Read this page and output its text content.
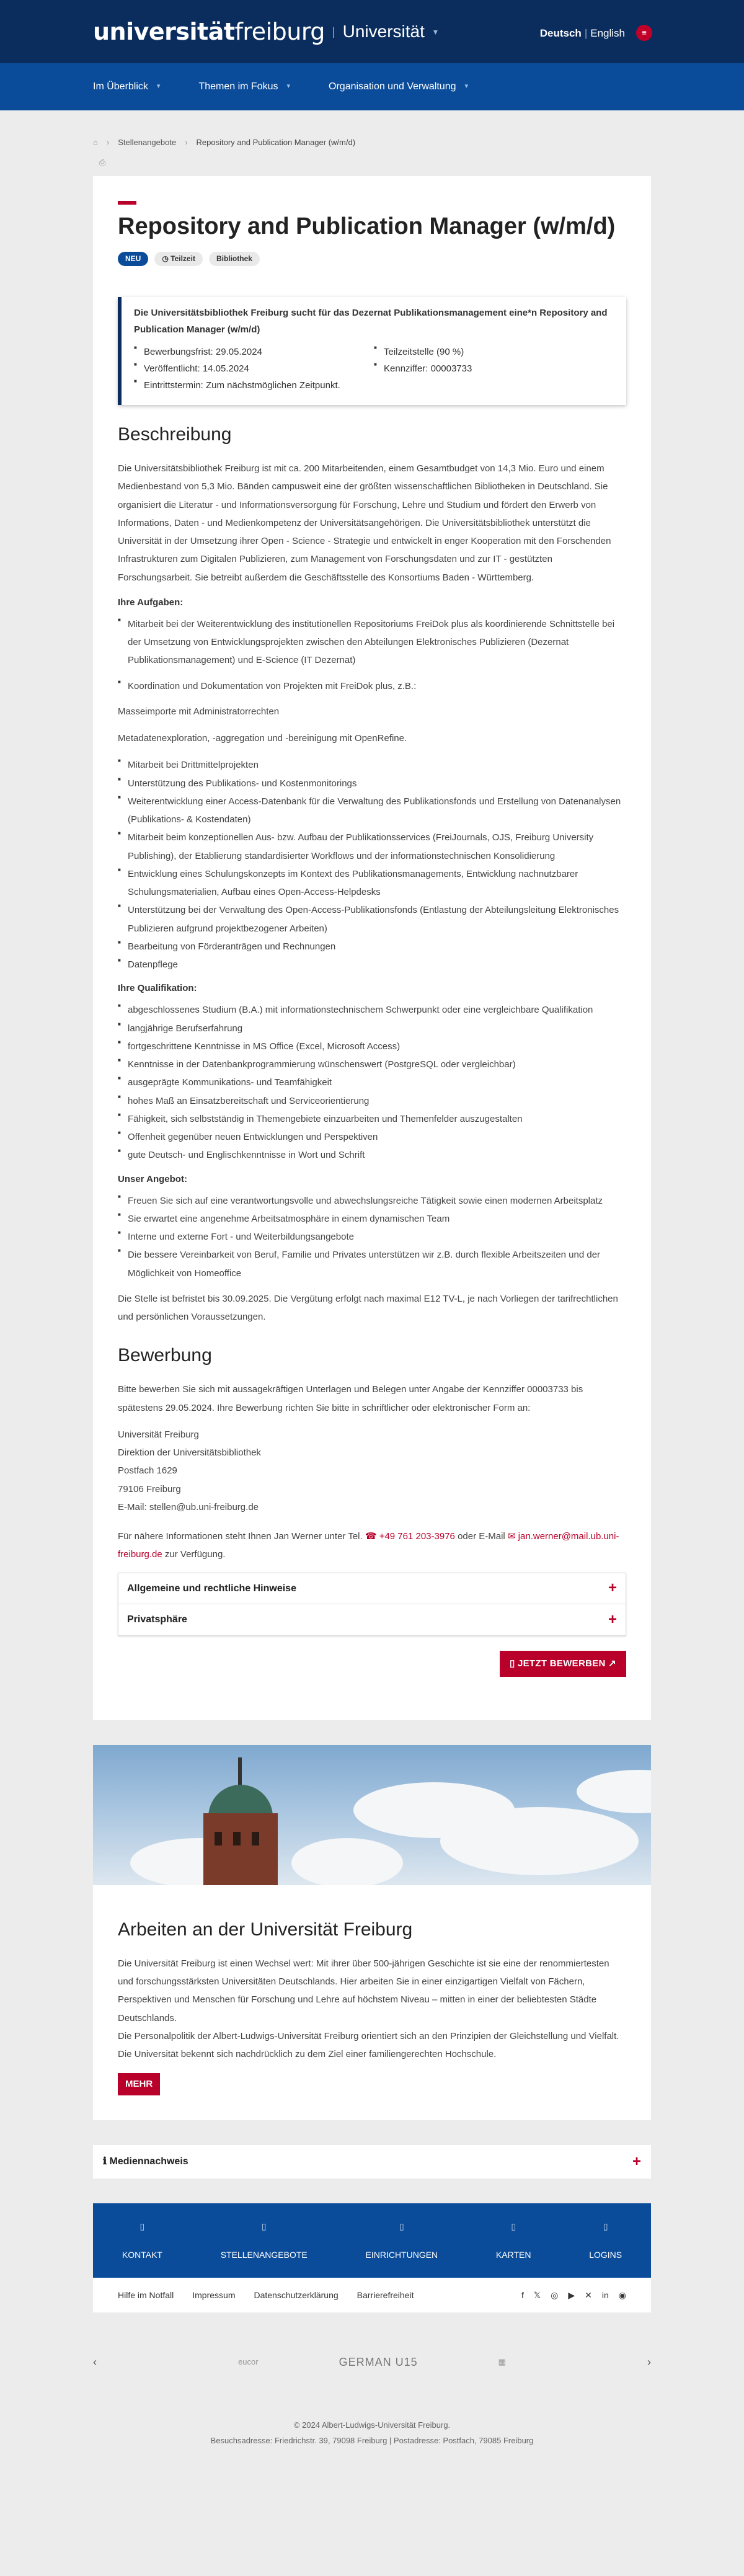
universitätfreiburg | Universität ▾	Deutsch | English	≡
Im Überblick ▾	Themen im Fokus ▾	Organisation und Verwaltung ▾
⌂ › Stellenangebote › Repository and Publication Manager (w/m/d)
⎙
Repository and Publication Manager (w/m/d)
NEU	◷ Teilzeit	Bibliothek
Die Universitätsbibliothek Freiburg sucht für das Dezernat Publikationsmanagement eine*n Repository and Publication Manager (w/m/d)
■ Bewerbungsfrist: 29.05.2024
■ Veröffentlicht: 14.05.2024
■ Eintrittstermin: Zum nächstmöglichen Zeitpunkt.
■ Teilzeitstelle (90 %)
■ Kennziffer: 00003733
Beschreibung

Die Universitätsbibliothek Freiburg ist mit ca. 200 Mitarbeitenden, einem Gesamtbudget von 14,3 Mio. Euro und einem Medienbestand von 5,3 Mio. Bänden campusweit eine der größten wissenschaftlichen Bibliotheken in Deutschland. Sie organisiert die Literatur - und Informationsversorgung für Forschung, Lehre und Studium und fördert den Erwerb von Informations, Daten - und Medienkompetenz der Universitätsangehörigen. Die Universitätsbibliothek unterstützt die Universität in der Umsetzung ihrer Open - Science - Strategie und entwickelt in enger Kooperation mit den Forschenden Infrastrukturen zum Digitalen Publizieren, zum Management von Forschungsdaten und zur IT - gestützten Forschungsarbeit. Sie betreibt außerdem die Geschäftsstelle des Konsortiums Baden - Württemberg.

Ihre Aufgaben:
■ Mitarbeit bei der Weiterentwicklung des institutionellen Repositoriums FreiDok plus als koordinierende Schnittstelle bei der Umsetzung von Entwicklungsprojekten zwischen den Abteilungen Elektronisches Publizieren (Dezernat Publikationsmanagement) und E-Science (IT Dezernat)
■ Koordination und Dokumentation von Projekten mit FreiDok plus, z.B.:

Masseimporte mit Administratorrechten

Metadatenexploration, -aggregation und -bereinigung mit OpenRefine.

■ Mitarbeit bei Drittmittelprojekten
■ Unterstützung des Publikations- und Kostenmonitorings
■ Weiterentwicklung einer Access-Datenbank für die Verwaltung des Publikationsfonds und Erstellung von Datenanalysen (Publikations- & Kostendaten)
■ Mitarbeit beim konzeptionellen Aus- bzw. Aufbau der Publikationsservices (FreiJournals, OJS, Freiburg University Publishing), der Etablierung standardisierter Workflows und der informationstechnischen Konsolidierung
■ Entwicklung eines Schulungskonzepts im Kontext des Publikationsmanagements, Entwicklung nachnutzbarer Schulungsmaterialien, Aufbau eines Open-Access-Helpdesks
■ Unterstützung bei der Verwaltung des Open-Access-Publikationsfonds (Entlastung der Abteilungsleitung Elektronisches Publizieren aufgrund projektbezogener Arbeiten)
■ Bearbeitung von Förderanträgen und Rechnungen
■ Datenpflege
Ihre Qualifikation:
■ abgeschlossenes Studium (B.A.) mit informationstechnischem Schwerpunkt oder eine vergleichbare Qualifikation
■ langjährige Berufserfahrung
■ fortgeschrittene Kenntnisse in MS Office (Excel, Microsoft Access)
■ Kenntnisse in der Datenbankprogrammierung wünschenswert (PostgreSQL oder vergleichbar)
■ ausgeprägte Kommunikations- und Teamfähigkeit
■ hohes Maß an Einsatzbereitschaft und Serviceorientierung
■ Fähigkeit, sich selbstständig in Themengebiete einzuarbeiten und Themenfelder auszugestalten
■ Offenheit gegenüber neuen Entwicklungen und Perspektiven
■ gute Deutsch- und Englischkenntnisse in Wort und Schrift
Unser Angebot:
■ Freuen Sie sich auf eine verantwortungsvolle und abwechslungsreiche Tätigkeit sowie einen modernen Arbeitsplatz
■ Sie erwartet eine angenehme Arbeitsatmosphäre in einem dynamischen Team
■ Interne und externe Fort - und Weiterbildungsangebote
■ Die bessere Vereinbarkeit von Beruf, Familie und Privates unterstützen wir z.B. durch flexible Arbeitszeiten und der Möglichkeit von Homeoffice

Die Stelle ist befristet bis 30.09.2025. Die Vergütung erfolgt nach maximal E12 TV-L, je nach Vorliegen der tarifrechtlichen und persönlichen Voraussetzungen.

Bewerbung

Bitte bewerben Sie sich mit aussagekräftigen Unterlagen und Belegen unter Angabe der Kennziffer 00003733 bis spätestens 29.05.2024. Ihre Bewerbung richten Sie bitte in schriftlicher oder elektronischer Form an:

Universität Freiburg
Direktion der Universitätsbibliothek
Postfach 1629
79106 Freiburg
E-Mail: stellen@ub.uni-freiburg.de

Für nähere Informationen steht Ihnen Jan Werner unter Tel. ☎ +49 761 203-3976 oder E-Mail ✉ jan.werner@mail.ub.uni-freiburg.de zur Verfügung.

Allgemeine und rechtliche Hinweise	+
Privatsphäre	+
▯ JETZT BEWERBEN ↗
Arbeiten an der Universität Freiburg

Die Universität Freiburg ist einen Wechsel wert: Mit ihrer über 500-jährigen Geschichte ist sie eine der renommiertesten und forschungsstärksten Universitäten Deutschlands. Hier arbeiten Sie in einer einzigartigen Vielfalt von Fächern, Perspektiven und Menschen für Forschung und Lehre auf höchstem Niveau – mitten in einer der beliebtesten Städte Deutschlands.

Die Personalpolitik der Albert-Ludwigs-Universität Freiburg orientiert sich an den Prinzipien der Gleichstellung und Vielfalt. Die Universität bekennt sich nachdrücklich zu dem Ziel einer familiengerechten Hochschule.

MEHR
ℹ Mediennachweis	+
▯
KONTAKT
▯
STELLENANGEBOTE
▯
EINRICHTUNGEN
▯
KARTEN
▯
LOGINS
Hilfe im Notfall Impressum Datenschutzerklärung Barrierefreiheit	f 𝕏 ◎ ▶ ✕ in ◉
‹	eucor	GERMAN U15	▦	›
© 2024 Albert-Ludwigs-Universität Freiburg.
Besuchsadresse: Friedrichstr. 39, 79098 Freiburg | Postadresse: Postfach, 79085 Freiburg
